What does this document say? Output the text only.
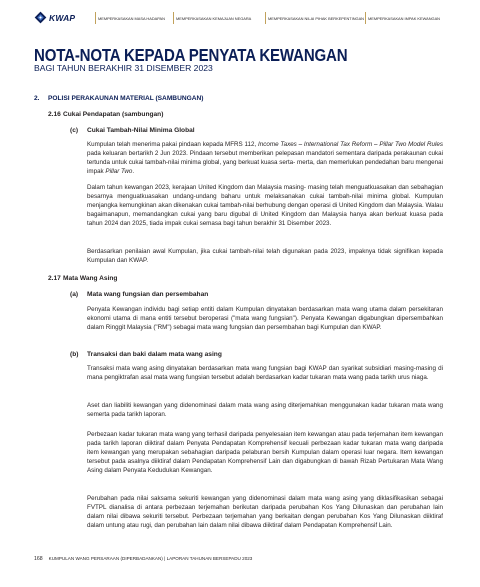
KWAP	MEMPERKASAKAN MASA HADAPAN	MEMPERKASAKAN KEMAJUAN NEGARA	MEMPERKASAKAN NILAI PIHAK BERKEPENTINGAN MEMPERKASAKAN IMPAK KEWANGAN
NOTA-NOTA KEPADA PENYATA KEWANGAN
BAGI TAHUN BERAKHIR 31 DISEMBER 2023
2. POLISI PERAKAUNAN MATERIAL (SAMBUNGAN)
2.16 Cukai Pendapatan (sambungan)
(c) Cukai Tambah-Nilai Minima Global

Kumpulan telah menerima pakai pindaan kepada MFRS 112, Income Taxes – International Tax Reform – Pillar Two Model Rules pada keluaran bertarikh 2 Jun 2023. Pindaan tersebut memberikan pelepasan mandatori sementara daripada perakaunan cukai tertunda untuk cukai tambah-nilai minima global, yang berkuat kuasa serta- merta, dan memerlukan pendedahan baru mengenai impak Pillar Two.

Dalam tahun kewangan 2023, kerajaan United Kingdom dan Malaysia masing- masing telah menguatkuasakan dan sebahagian besarnya menguatkuasakan undang-undang baharu untuk melaksanakan cukai tambah-nilai minima global. Kumpulan menjangka kemungkinan akan dikenakan cukai tambah-nilai berhubung dengan operasi di United Kingdom dan Malaysia. Walau bagaimanapun, memandangkan cukai yang baru digubal di United Kingdom dan Malaysia hanya akan berkuat kuasa pada tahun 2024 dan 2025, tiada impak cukai semasa bagi tahun berakhir 31 Disember 2023.

Berdasarkan penilaian awal Kumpulan, jika cukai tambah-nilai telah digunakan pada 2023, impaknya tidak signifikan kepada Kumpulan dan KWAP.

2.17 Mata Wang Asing
(a) Mata wang fungsian dan persembahan

Penyata Kewangan individu bagi setiap entiti dalam Kumpulan dinyatakan berdasarkan mata wang utama dalam persekitaran ekonomi utama di mana entiti tersebut beroperasi ("mata wang fungsian"). Penyata Kewangan digabungkan dipersembahkan dalam Ringgit Malaysia ("RM") sebagai mata wang fungsian dan persembahan bagi Kumpulan dan KWAP.

(b) Transaksi dan baki dalam mata wang asing

Transaksi mata wang asing dinyatakan berdasarkan mata wang fungsian bagi KWAP dan syarikat subsidiari masing-masing di mana pengiktrafan asal mata wang fungsian tersebut adalah berdasarkan kadar tukaran mata wang pada tarikh urus niaga.

Aset dan liabiliti kewangan yang didenominasi dalam mata wang asing diterjemahkan menggunakan kadar tukaran mata wang semerta pada tarikh laporan.

Perbezaan kadar tukaran mata wang yang terhasil daripada penyelesaian item kewangan atau pada terjemahan item kewangan pada tarikh laporan diiktiraf dalam Penyata Pendapatan Komprehensif kecuali perbezaan kadar tukaran mata wang daripada item kewangan yang merupakan sebahagian daripada pelaburan bersih Kumpulan dalam operasi luar negara. Item kewangan tersebut pada asalnya diiktiraf dalam Pendapatan Komprehensif Lain dan digabungkan di bawah Rizab Pertukaran Mata Wang Asing dalam Penyata Kedudukan Kewangan.

Perubahan pada nilai saksama sekuriti kewangan yang didenominasi dalam mata wang asing yang diklasifikasikan sebagai FVTPL dianalisa di antara perbezaan terjemahan berikutan daripada perubahan Kos Yang Dilunaskan dan perubahan lain dalam nilai dibawa sekuriti tersebut. Perbezaan terjemahan yang berkaitan dengan perubahan Kos Yang Dilunaskan diiktiraf dalam untung atau rugi, dan perubahan lain dalam nilai dibawa diiktiraf dalam Pendapatan Komprehensif Lain.

168 KUMPULAN WANG PERSARAAN (DIPERBADANKAN) | LAPORAN TAHUNAN BERSEPADU 2023
